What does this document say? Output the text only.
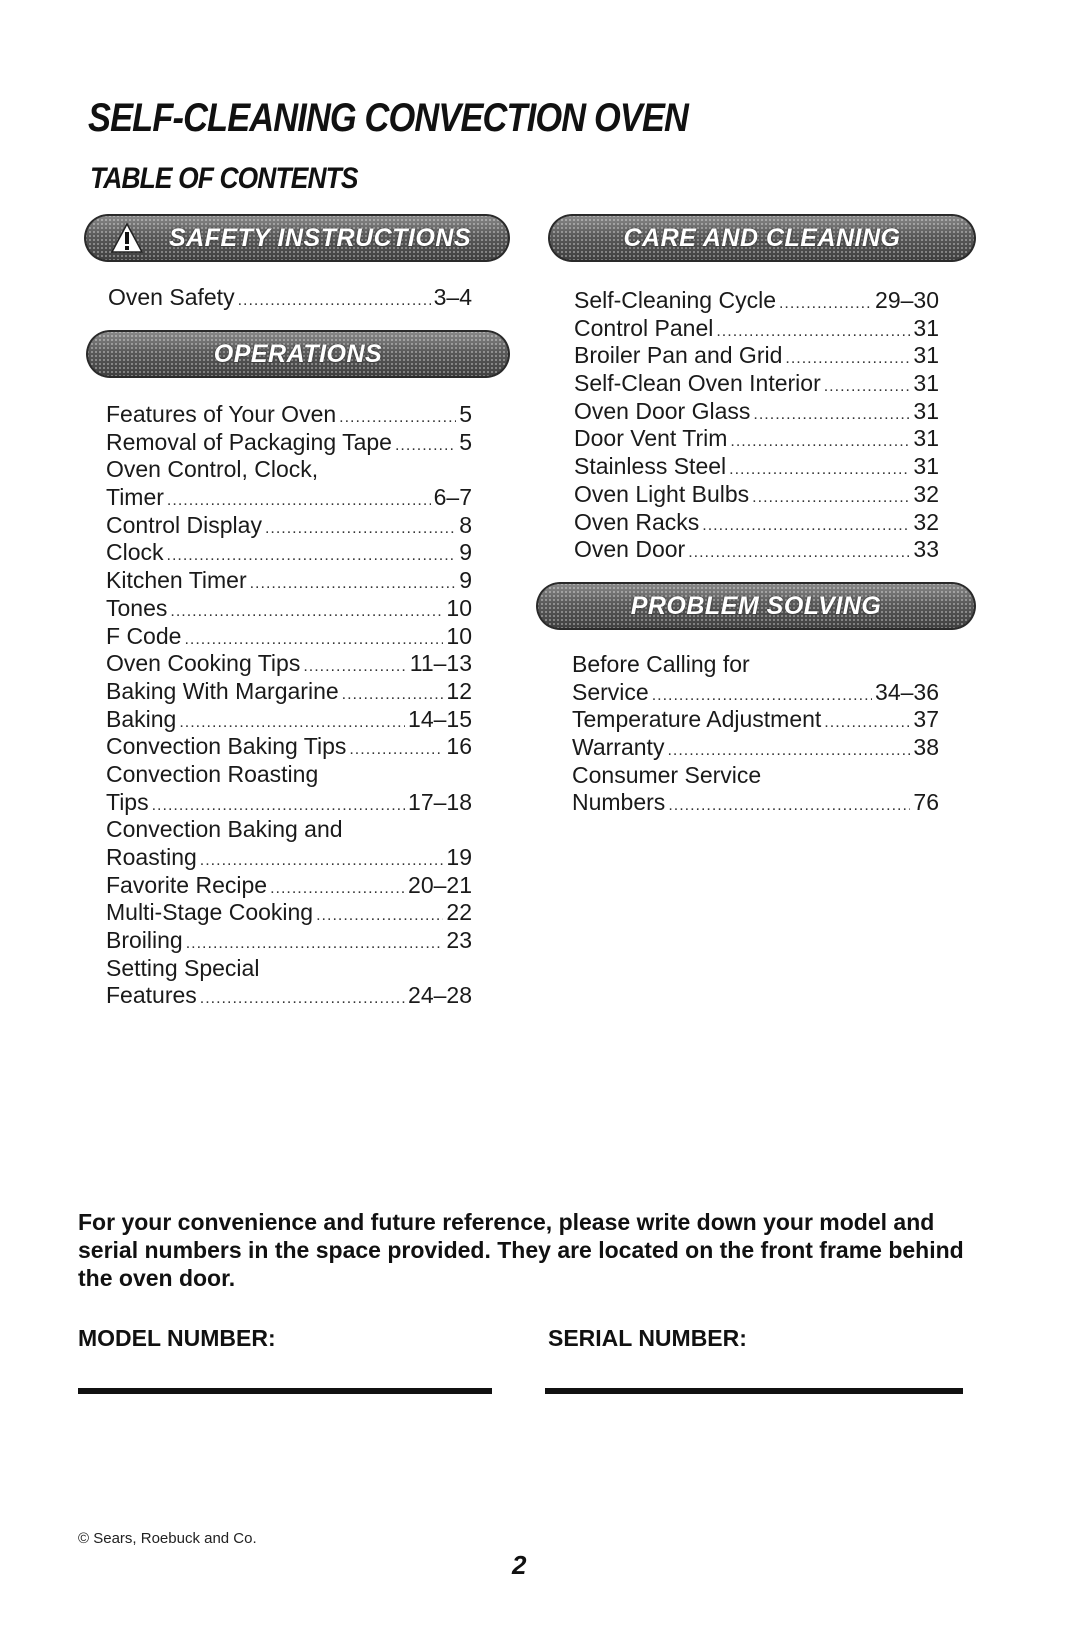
SELF-CLEANING CONVECTION OVEN
TABLE OF CONTENTS
SAFETY INSTRUCTIONS
Oven Safety .....	3–4
OPERATIONS
Features of Your Oven .....	5
Removal of Packaging Tape .....	5
Oven Control, Clock,
Timer .....	6–7
Control Display .....	8
Clock .....	9
Kitchen Timer .....	9
Tones .....	10
F Code .....	10
Oven Cooking Tips .....	11–13
Baking With Margarine .....	12
Baking .....	14–15
Convection Baking Tips .....	16
Convection Roasting
Tips .....	17–18
Convection Baking and
Roasting .....	19
Favorite Recipe .....	20–21
Multi-Stage Cooking .....	22
Broiling .....	23
Setting Special
Features .....	24–28
CARE AND CLEANING
Self-Cleaning Cycle .....	29–30
Control Panel .....	31
Broiler Pan and Grid .....	31
Self-Clean Oven Interior .....	31
Oven Door Glass .....	31
Door Vent Trim .....	31
Stainless Steel .....	31
Oven Light Bulbs .....	32
Oven Racks .....	32
Oven Door .....	33
PROBLEM SOLVING
Before Calling for
Service .....	34–36
Temperature Adjustment .....	37
Warranty .....	38
Consumer Service
Numbers .....	76

For your convenience and future reference, please write down your model and serial numbers in the space provided. They are located on the front frame behind the oven door.

MODEL NUMBER:	SERIAL NUMBER:

© Sears, Roebuck and Co.
2
